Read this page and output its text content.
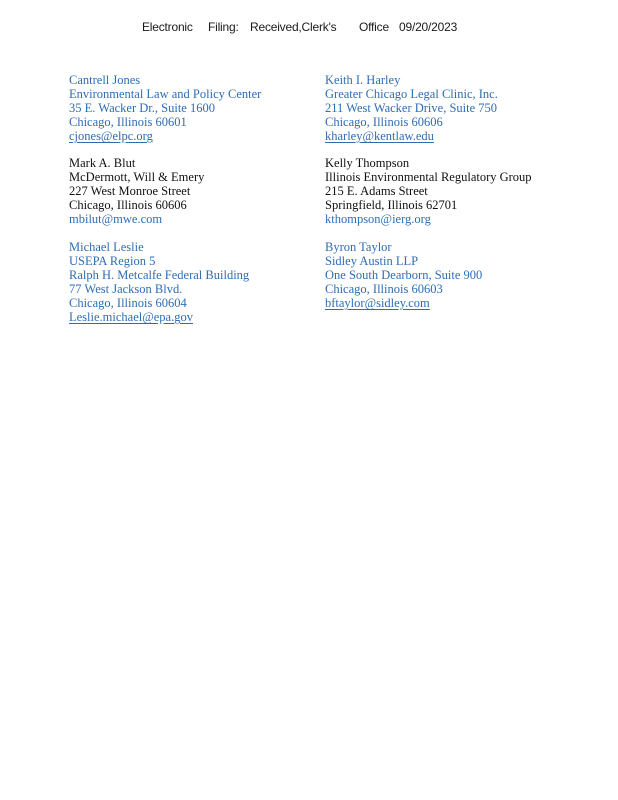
Electronic Filing: Received,Clerk's Office 09/20/2023
Cantrell Jones
Environmental Law and Policy Center
35 E. Wacker Dr., Suite 1600
Chicago, Illinois 60601
cjones@elpc.org
Keith I. Harley
Greater Chicago Legal Clinic, Inc.
211 West Wacker Drive, Suite 750
Chicago, Illinois 60606
kharley@kentlaw.edu
Mark A. Blut
McDermott, Will & Emery
227 West Monroe Street
Chicago, Illinois 60606
mbilut@mwe.com
Kelly Thompson
Illinois Environmental Regulatory Group
215 E. Adams Street
Springfield, Illinois 62701
kthompson@ierg.org
Michael Leslie
USEPA Region 5
Ralph H. Metcalfe Federal Building
77 West Jackson Blvd.
Chicago, Illinois 60604
Leslie.michael@epa.gov
Byron Taylor
Sidley Austin LLP
One South Dearborn, Suite 900
Chicago, Illinois 60603
bftaylor@sidley.com
